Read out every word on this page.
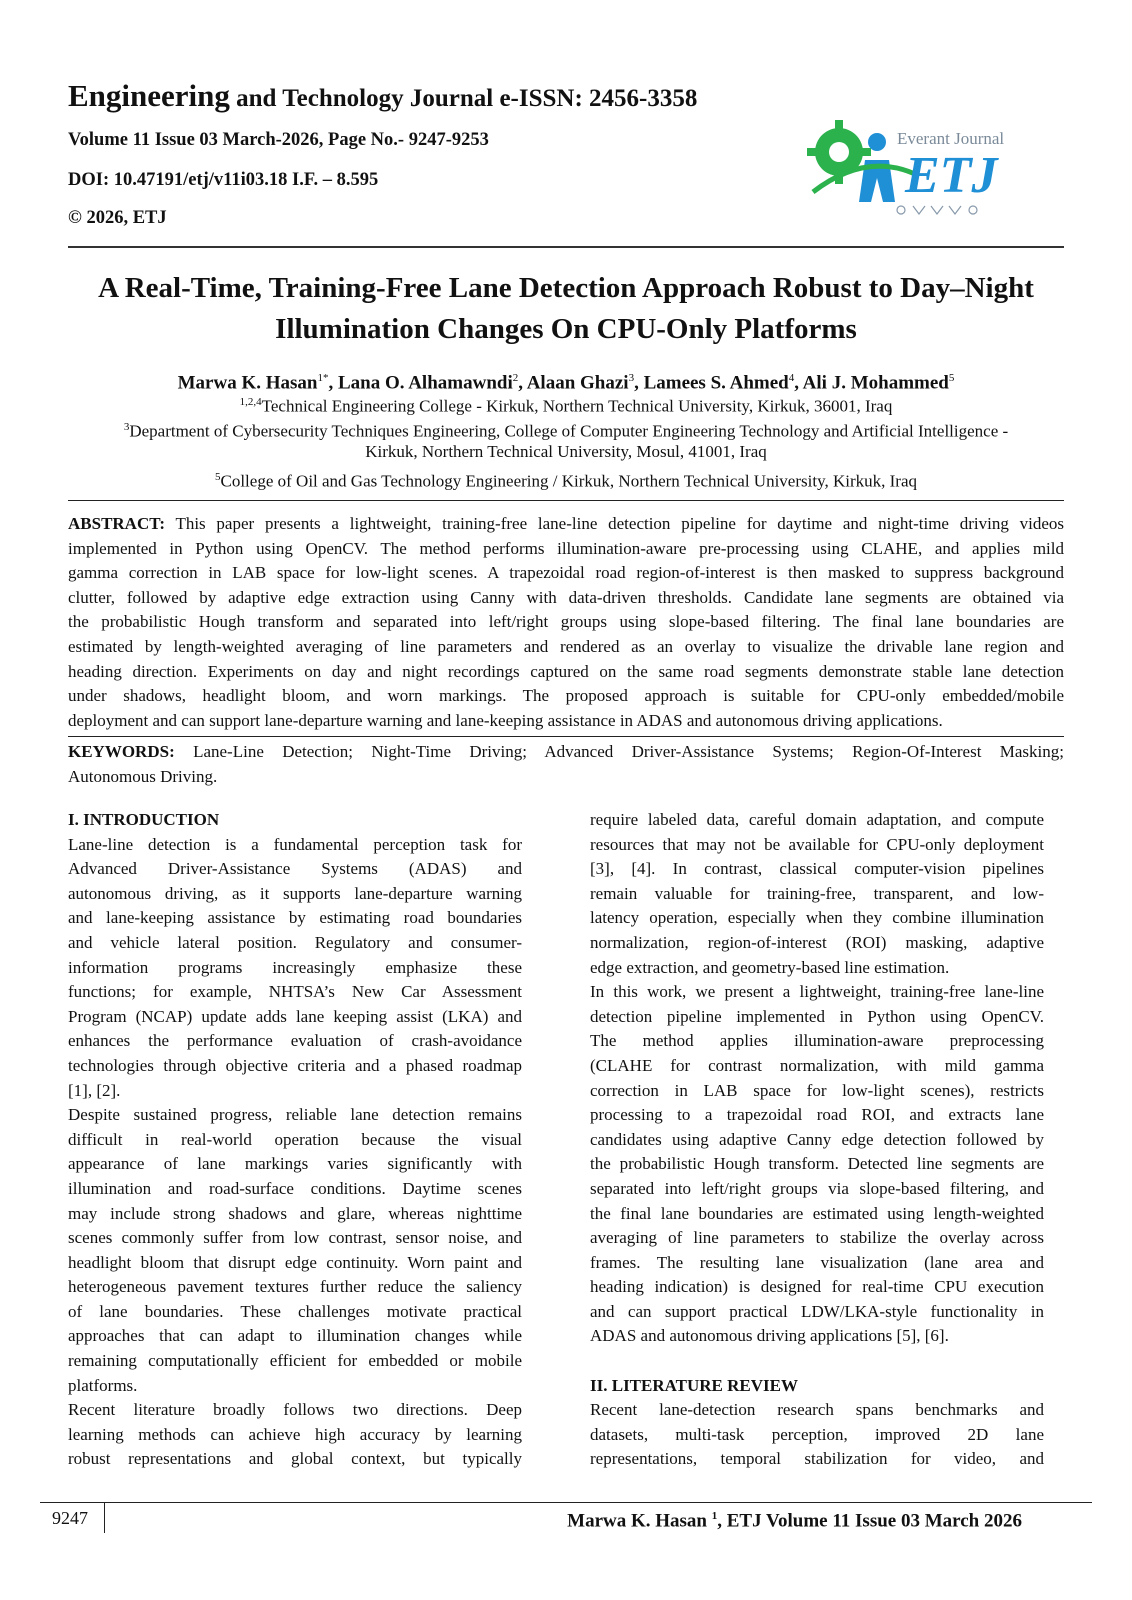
Engineering and Technology Journal e-ISSN: 2456-3358
Volume 11 Issue 03 March-2026, Page No.- 9247-9253
DOI: 10.47191/etj/v11i03.18 I.F. – 8.595
© 2026, ETJ
Everant Journal
ETJ
A Real-Time, Training-Free Lane Detection Approach Robust to Day–Night
Illumination Changes On CPU-Only Platforms
Marwa K. Hasan$^{1*}$, Lana O. Alhamawndi$^2$, Alaan Ghazi$^3$, Lamees S. Ahmed$^4$, Ali J. Mohammed$^5$
$^{1,2,4}$Technical Engineering College - Kirkuk, Northern Technical University, Kirkuk, 36001, Iraq
$^3$Department of Cybersecurity Techniques Engineering, College of Computer Engineering Technology and Artificial Intelligence -
Kirkuk, Northern Technical University, Mosul, 41001, Iraq
$^5$College of Oil and Gas Technology Engineering / Kirkuk, Northern Technical University, Kirkuk, Iraq
ABSTRACT: This paper presents a lightweight, training-free lane-line detection pipeline for daytime and night-time driving videos
implemented in Python using OpenCV. The method performs illumination-aware pre-processing using CLAHE, and applies mild
gamma correction in LAB space for low-light scenes. A trapezoidal road region-of-interest is then masked to suppress background
clutter, followed by adaptive edge extraction using Canny with data-driven thresholds. Candidate lane segments are obtained via
the probabilistic Hough transform and separated into left/right groups using slope-based filtering. The final lane boundaries are
estimated by length-weighted averaging of line parameters and rendered as an overlay to visualize the drivable lane region and
heading direction. Experiments on day and night recordings captured on the same road segments demonstrate stable lane detection
under shadows, headlight bloom, and worn markings. The proposed approach is suitable for CPU-only embedded/mobile
deployment and can support lane-departure warning and lane-keeping assistance in ADAS and autonomous driving applications.
KEYWORDS: Lane-Line Detection; Night-Time Driving; Advanced Driver-Assistance Systems; Region-Of-Interest Masking;
Autonomous Driving.
I. INTRODUCTION
Lane-line detection is a fundamental perception task for
Advanced Driver-Assistance Systems (ADAS) and
autonomous driving, as it supports lane-departure warning
and lane-keeping assistance by estimating road boundaries
and vehicle lateral position. Regulatory and consumer-
information programs increasingly emphasize these
functions; for example, NHTSA’s New Car Assessment
Program (NCAP) update adds lane keeping assist (LKA) and
enhances the performance evaluation of crash-avoidance
technologies through objective criteria and a phased roadmap
[1], [2].
Despite sustained progress, reliable lane detection remains
difficult in real-world operation because the visual
appearance of lane markings varies significantly with
illumination and road-surface conditions. Daytime scenes
may include strong shadows and glare, whereas nighttime
scenes commonly suffer from low contrast, sensor noise, and
headlight bloom that disrupt edge continuity. Worn paint and
heterogeneous pavement textures further reduce the saliency
of lane boundaries. These challenges motivate practical
approaches that can adapt to illumination changes while
remaining computationally efficient for embedded or mobile
platforms.
Recent literature broadly follows two directions. Deep
learning methods can achieve high accuracy by learning
robust representations and global context, but typically
require labeled data, careful domain adaptation, and compute
resources that may not be available for CPU-only deployment
[3], [4]. In contrast, classical computer-vision pipelines
remain valuable for training-free, transparent, and low-
latency operation, especially when they combine illumination
normalization, region-of-interest (ROI) masking, adaptive
edge extraction, and geometry-based line estimation.
In this work, we present a lightweight, training-free lane-line
detection pipeline implemented in Python using OpenCV.
The method applies illumination-aware preprocessing
(CLAHE for contrast normalization, with mild gamma
correction in LAB space for low-light scenes), restricts
processing to a trapezoidal road ROI, and extracts lane
candidates using adaptive Canny edge detection followed by
the probabilistic Hough transform. Detected line segments are
separated into left/right groups via slope-based filtering, and
the final lane boundaries are estimated using length-weighted
averaging of line parameters to stabilize the overlay across
frames. The resulting lane visualization (lane area and
heading indication) is designed for real-time CPU execution
and can support practical LDW/LKA-style functionality in
ADAS and autonomous driving applications [5], [6].
II. LITERATURE REVIEW
Recent lane-detection research spans benchmarks and
datasets, multi-task perception, improved 2D lane
representations, temporal stabilization for video, and
9247	Marwa K. Hasan $^1$, ETJ Volume 11 Issue 03 March 2026
